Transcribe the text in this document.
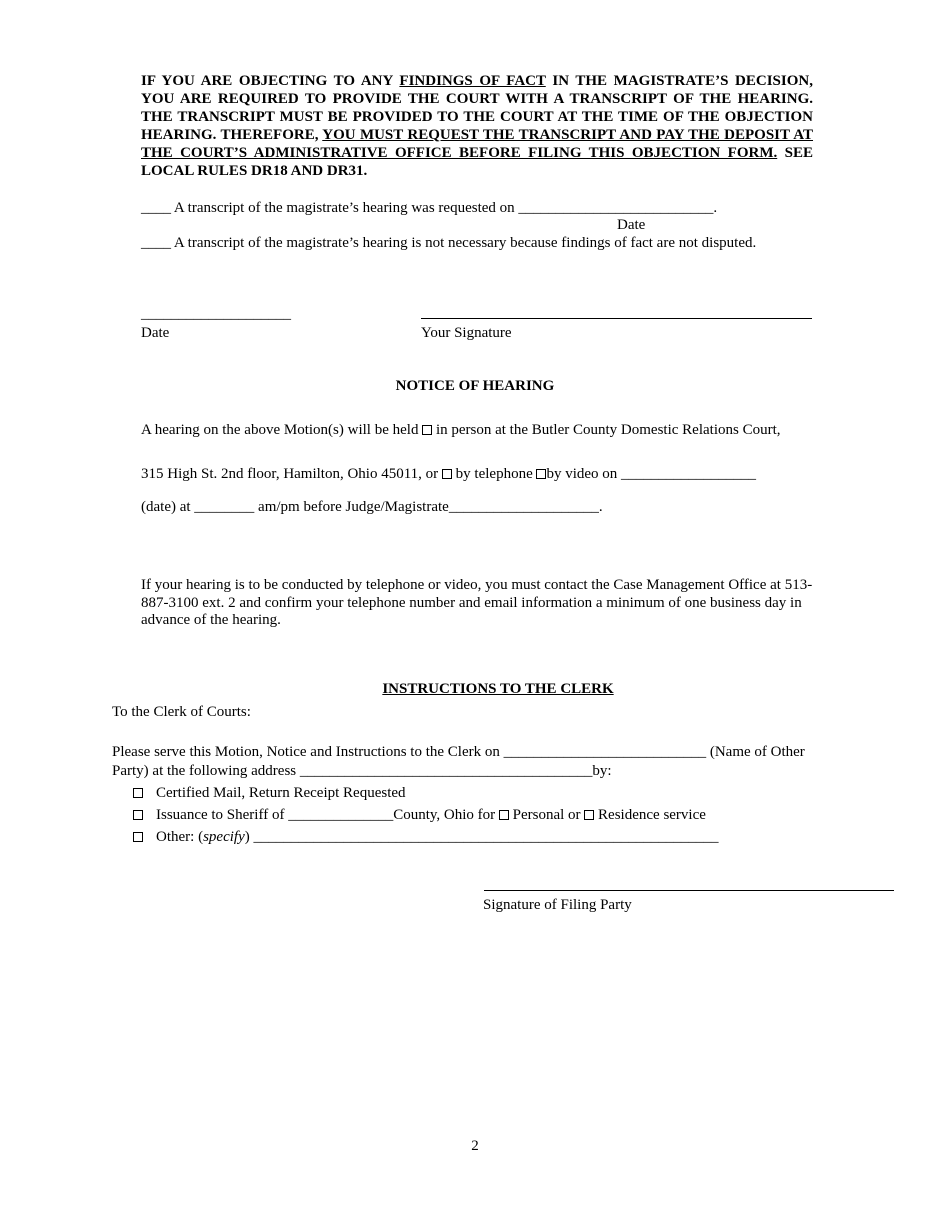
IF YOU ARE OBJECTING TO ANY FINDINGS OF FACT IN THE MAGISTRATE’S DECISION, YOU ARE REQUIRED TO PROVIDE THE COURT WITH A TRANSCRIPT OF THE HEARING. THE TRANSCRIPT MUST BE PROVIDED TO THE COURT AT THE TIME OF THE OBJECTION HEARING. THEREFORE, YOU MUST REQUEST THE TRANSCRIPT AND PAY THE DEPOSIT AT THE COURT’S ADMINISTRATIVE OFFICE BEFORE FILING THIS OBJECTION FORM. SEE LOCAL RULES DR18 AND DR31.
____ A transcript of the magistrate’s hearing was requested on __________________________.
Date
____ A transcript of the magistrate’s hearing is not necessary because findings of fact are not disputed.
____________________
Date	Your Signature
NOTICE OF HEARING
A hearing on the above Motion(s) will be held  in person at the Butler County Domestic Relations Court,
315 High St. 2nd floor, Hamilton, Ohio 45011, or  by telephone by video on __________________
(date) at ________ am/pm before Judge/Magistrate____________________.
If your hearing is to be conducted by telephone or video, you must contact the Case Management Office at 513-887-3100 ext. 2 and confirm your telephone number and email information a minimum of one business day in advance of the hearing.
INSTRUCTIONS TO THE CLERK
To the Clerk of Courts:
Please serve this Motion, Notice and Instructions to the Clerk on ___________________________ (Name of Other
Party) at the following address _______________________________________by:
Certified Mail, Return Receipt Requested
Issuance to Sheriff of ______________County, Ohio for  Personal or  Residence service
Other: (specify) ______________________________________________________________
Signature of Filing Party
2
